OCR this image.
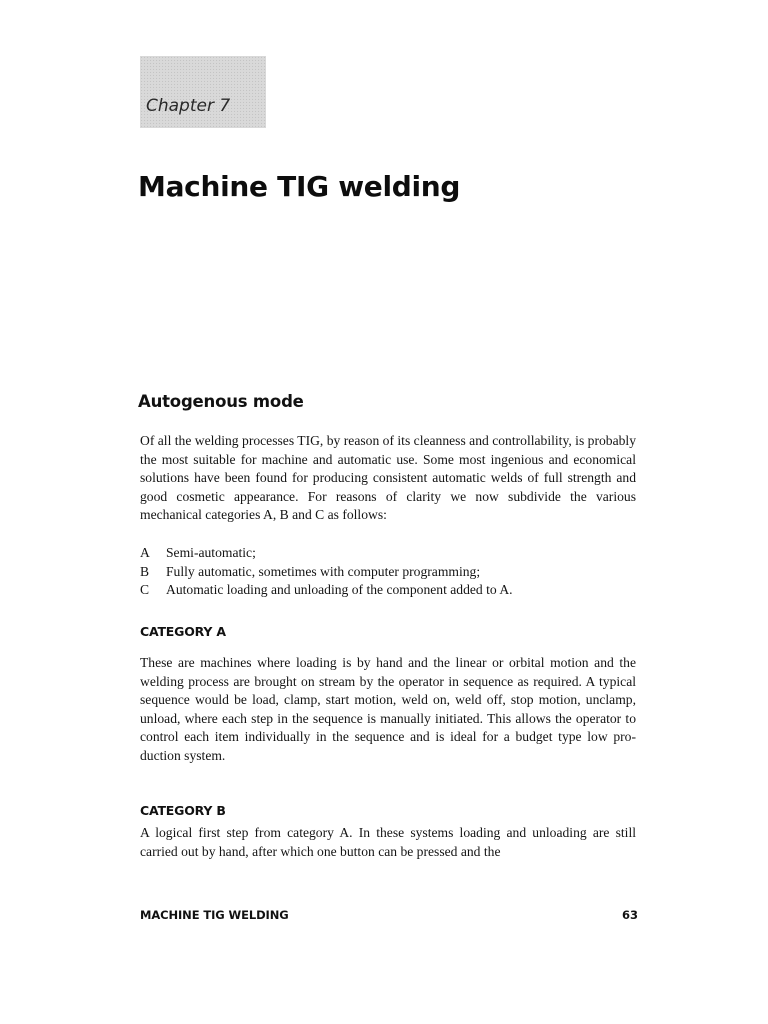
Chapter 7
Machine TIG welding
Autogenous mode

Of all the welding processes TIG, by reason of its cleanness and controllability, is probably the most suitable for machine and automatic use. Some most ingenious and economical solutions have been found for producing consistent automatic welds of full strength and good cosmetic appearance. For reasons of clarity we now subdivide the various mechanical categories A, B and C as follows:

A	Semi-automatic;
B	Fully automatic, sometimes with computer programming;
C	Automatic loading and unloading of the component added to A.
CATEGORY A

These are machines where loading is by hand and the linear or orbital motion and the welding process are brought on stream by the operator in sequence as required. A typical sequence would be load, clamp, start motion, weld on, weld off, stop motion, unclamp, unload, where each step in the sequence is manually initiated. This allows the operator to control each item individually in the sequence and is ideal for a budget type low pro-duction system.

CATEGORY B

A logical first step from category A. In these systems loading and unloading are still carried out by hand, after which one button can be pressed and the

MACHINE TIG WELDING	63
